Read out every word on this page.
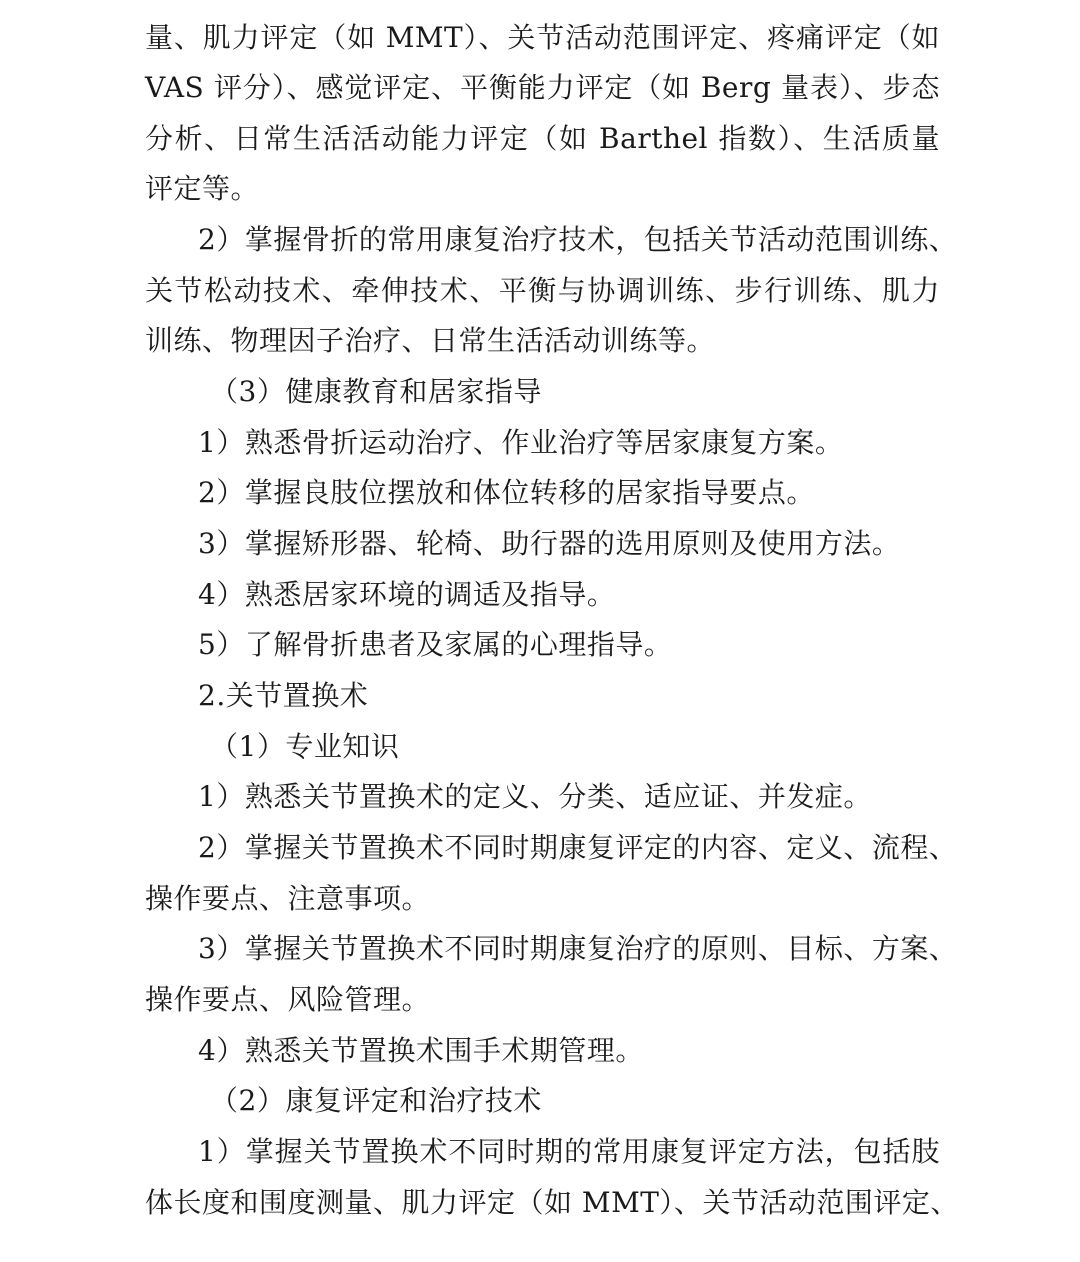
量、肌力评定（如 MMT）、关节活动范围评定、疼痛评定（如
VAS 评分）、感觉评定、平衡能力评定（如 Berg 量表）、步态
分析、日常生活活动能力评定（如 Barthel 指数）、生活质量
评定等。
2）掌握骨折的常用康复治疗技术，包括关节活动范围训练、
关节松动技术、牵伸技术、平衡与协调训练、步行训练、肌力
训练、物理因子治疗、日常生活活动训练等。
（3）健康教育和居家指导
1）熟悉骨折运动治疗、作业治疗等居家康复方案。
2）掌握良肢位摆放和体位转移的居家指导要点。
3）掌握矫形器、轮椅、助行器的选用原则及使用方法。
4）熟悉居家环境的调适及指导。
5）了解骨折患者及家属的心理指导。
2.关节置换术
（1）专业知识
1）熟悉关节置换术的定义、分类、适应证、并发症。
2）掌握关节置换术不同时期康复评定的内容、定义、流程、
操作要点、注意事项。
3）掌握关节置换术不同时期康复治疗的原则、目标、方案、
操作要点、风险管理。
4）熟悉关节置换术围手术期管理。
（2）康复评定和治疗技术
1）掌握关节置换术不同时期的常用康复评定方法，包括肢
体长度和围度测量、肌力评定（如 MMT）、关节活动范围评定、
